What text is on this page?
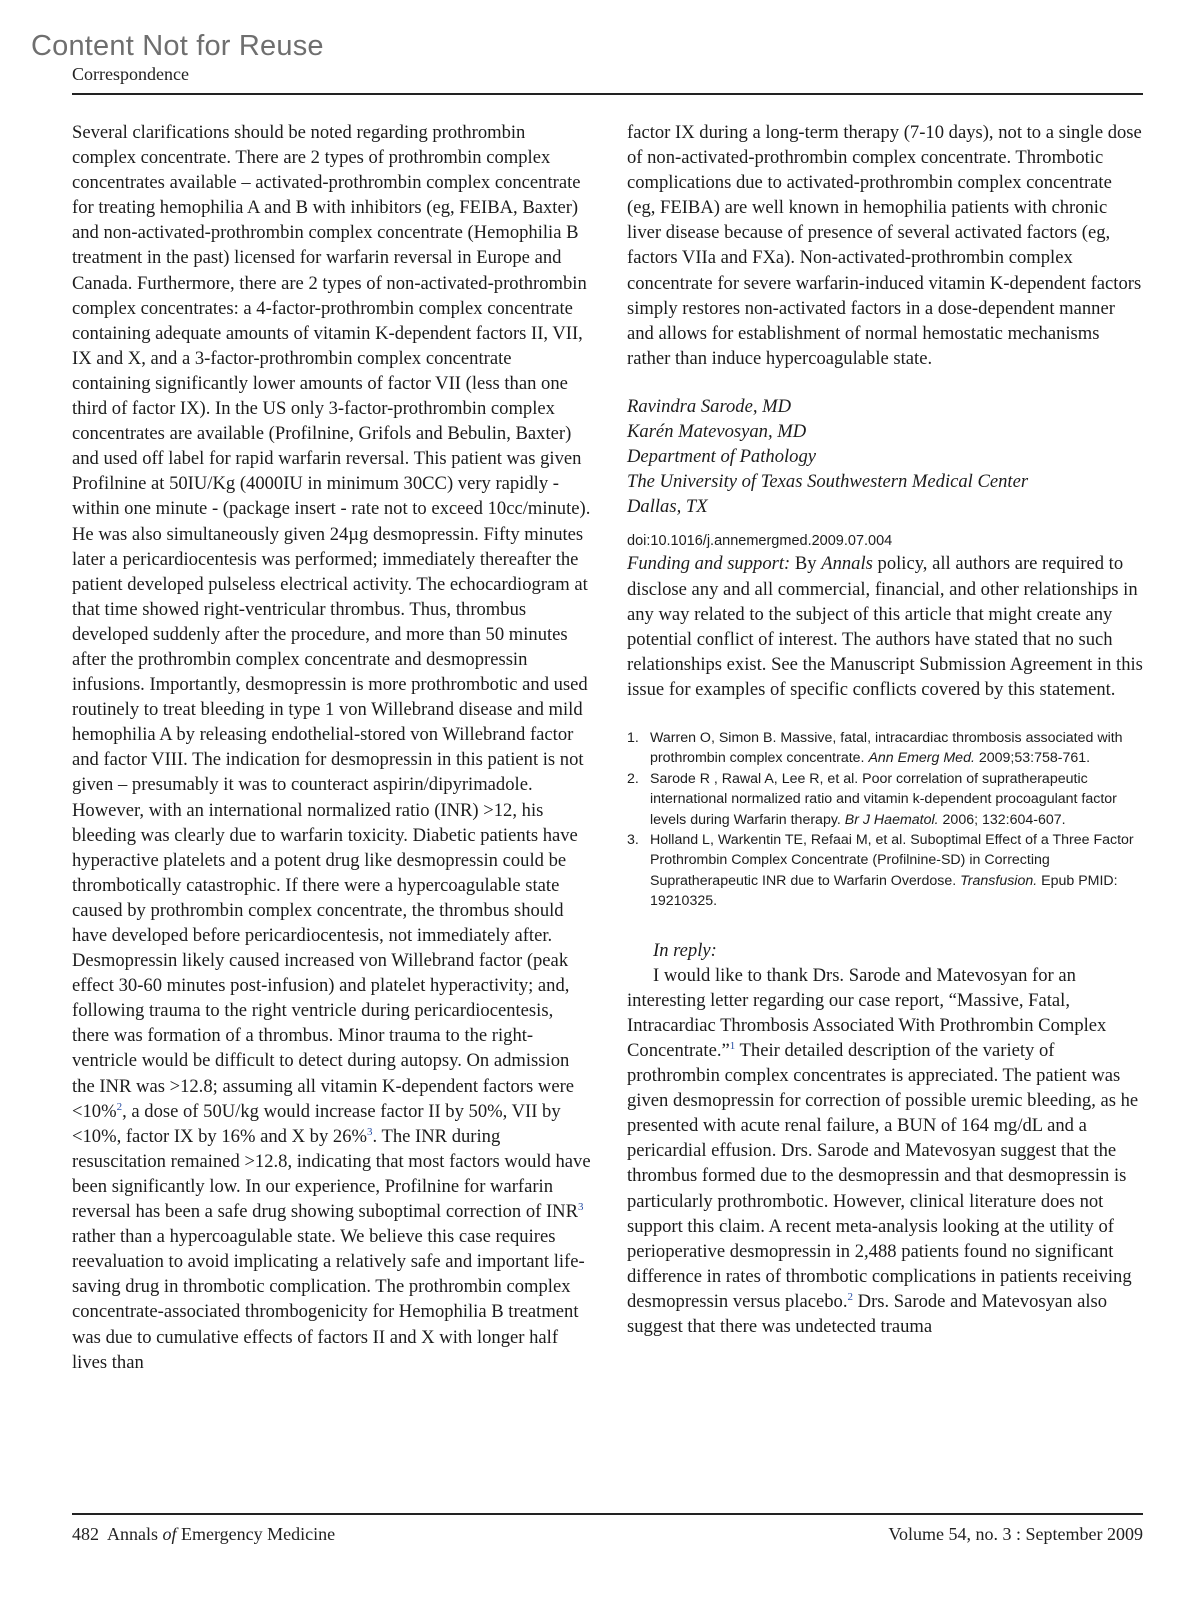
Content Not for Reuse
Correspondence

Several clarifications should be noted regarding prothrombin complex concentrate. There are 2 types of prothrombin complex concentrates available – activated-prothrombin complex concentrate for treating hemophilia A and B with inhibitors (eg, FEIBA, Baxter) and non-activated-prothrombin complex concentrate (Hemophilia B treatment in the past) licensed for warfarin reversal in Europe and Canada. Furthermore, there are 2 types of non-activated-prothrombin complex concentrates: a 4-factor-prothrombin complex concentrate containing adequate amounts of vitamin K-dependent factors II, VII, IX and X, and a 3-factor-prothrombin complex concentrate containing significantly lower amounts of factor VII (less than one third of factor IX). In the US only 3-factor-prothrombin complex concentrates are available (Profilnine, Grifols and Bebulin, Baxter) and used off label for rapid warfarin reversal. This patient was given Profilnine at 50IU/Kg (4000IU in minimum 30CC) very rapidly - within one minute - (package insert - rate not to exceed 10cc/minute). He was also simultaneously given 24µg desmopressin. Fifty minutes later a pericardiocentesis was performed; immediately thereafter the patient developed pulseless electrical activity. The echocardiogram at that time showed right-ventricular thrombus. Thus, thrombus developed suddenly after the procedure, and more than 50 minutes after the prothrombin complex concentrate and desmopressin infusions. Importantly, desmopressin is more prothrombotic and used routinely to treat bleeding in type 1 von Willebrand disease and mild hemophilia A by releasing endothelial-stored von Willebrand factor and factor VIII. The indication for desmopressin in this patient is not given – presumably it was to counteract aspirin/dipyrimadole. However, with an international normalized ratio (INR) >12, his bleeding was clearly due to warfarin toxicity. Diabetic patients have hyperactive platelets and a potent drug like desmopressin could be thrombotically catastrophic. If there were a hypercoagulable state caused by prothrombin complex concentrate, the thrombus should have developed before pericardiocentesis, not immediately after. Desmopressin likely caused increased von Willebrand factor (peak effect 30-60 minutes post-infusion) and platelet hyperactivity; and, following trauma to the right ventricle during pericardiocentesis, there was formation of a thrombus. Minor trauma to the right-ventricle would be difficult to detect during autopsy. On admission the INR was >12.8; assuming all vitamin K-dependent factors were <10%$^2$, a dose of 50U/kg would increase factor II by 50%, VII by <10%, factor IX by 16% and X by 26%$^3$. The INR during resuscitation remained >12.8, indicating that most factors would have been significantly low. In our experience, Profilnine for warfarin reversal has been a safe drug showing suboptimal correction of INR$^3$ rather than a hypercoagulable state. We believe this case requires reevaluation to avoid implicating a relatively safe and important life-saving drug in thrombotic complication. The prothrombin complex concentrate-associated thrombogenicity for Hemophilia B treatment was due to cumulative effects of factors II and X with longer half lives than

factor IX during a long-term therapy (7-10 days), not to a single dose of non-activated-prothrombin complex concentrate. Thrombotic complications due to activated-prothrombin complex concentrate (eg, FEIBA) are well known in hemophilia patients with chronic liver disease because of presence of several activated factors (eg, factors VIIa and FXa). Non-activated-prothrombin complex concentrate for severe warfarin-induced vitamin K-dependent factors simply restores non-activated factors in a dose-dependent manner and allows for establishment of normal hemostatic mechanisms rather than induce hypercoagulable state.

Ravindra Sarode, MD
Karén Matevosyan, MD
Department of Pathology
The University of Texas Southwestern Medical Center
Dallas, TX
doi:10.1016/j.annemergmed.2009.07.004

Funding and support: By Annals policy, all authors are required to disclose any and all commercial, financial, and other relationships in any way related to the subject of this article that might create any potential conflict of interest. The authors have stated that no such relationships exist. See the Manuscript Submission Agreement in this issue for examples of specific conflicts covered by this statement.

1. Warren O, Simon B. Massive, fatal, intracardiac thrombosis associated with prothrombin complex concentrate. Ann Emerg Med. 2009;53:758-761.
2. Sarode R , Rawal A, Lee R, et al. Poor correlation of supratherapeutic international normalized ratio and vitamin k-dependent procoagulant factor levels during Warfarin therapy. Br J Haematol. 2006; 132:604-607.
3. Holland L, Warkentin TE, Refaai M, et al. Suboptimal Effect of a Three Factor Prothrombin Complex Concentrate (Profilnine-SD) in Correcting Supratherapeutic INR due to Warfarin Overdose. Transfusion. Epub PMID: 19210325.
In reply:

I would like to thank Drs. Sarode and Matevosyan for an interesting letter regarding our case report, “Massive, Fatal, Intracardiac Thrombosis Associated With Prothrombin Complex Concentrate.”$^1$ Their detailed description of the variety of prothrombin complex concentrates is appreciated. The patient was given desmopressin for correction of possible uremic bleeding, as he presented with acute renal failure, a BUN of 164 mg/dL and a pericardial effusion. Drs. Sarode and Matevosyan suggest that the thrombus formed due to the desmopressin and that desmopressin is particularly prothrombotic. However, clinical literature does not support this claim. A recent meta-analysis looking at the utility of perioperative desmopressin in 2,488 patients found no significant difference in rates of thrombotic complications in patients receiving desmopressin versus placebo.$^2$ Drs. Sarode and Matevosyan also suggest that there was undetected trauma

482 Annals of Emergency Medicine	Volume 54, no. 3 : September 2009
